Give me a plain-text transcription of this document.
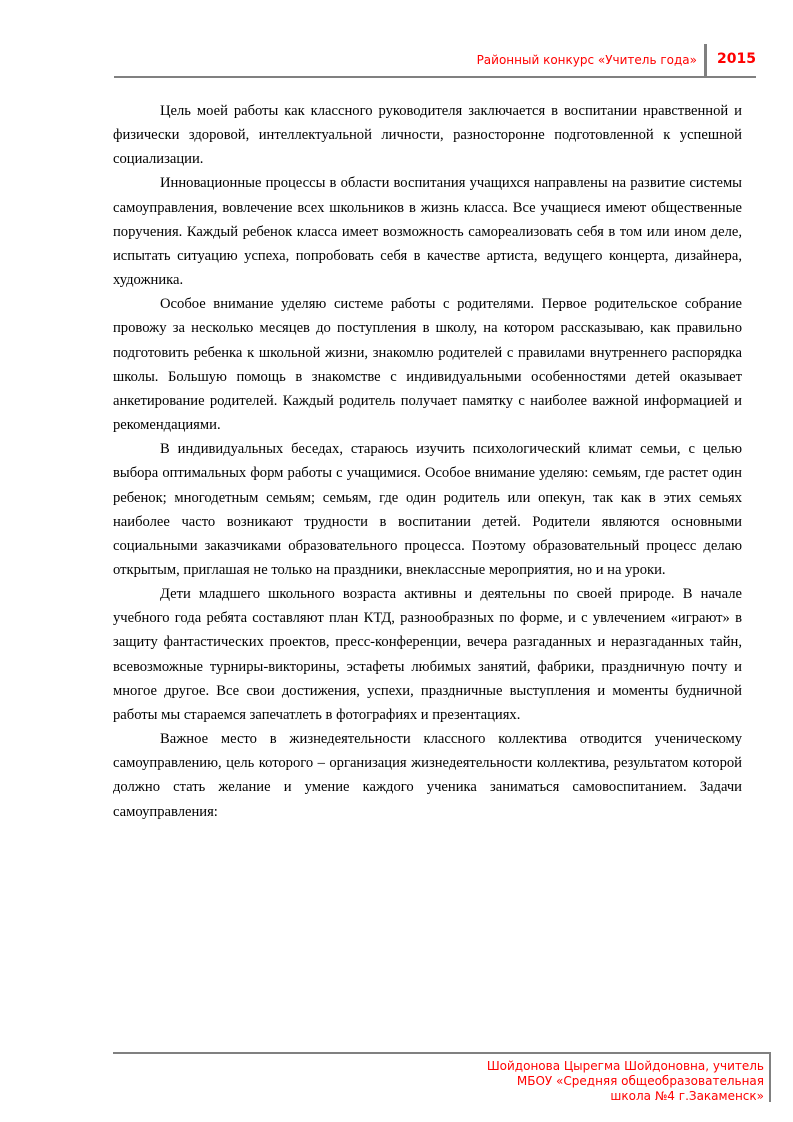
Районный конкурс «Учитель года» 2015

Цель моей работы как классного руководителя заключается в воспитании нравственной и физически здоровой, интеллектуальной личности, разносторонне подготовленной к успешной социализации.

Инновационные процессы в области воспитания учащихся направлены на развитие системы самоуправления, вовлечение всех школьников в жизнь класса. Все учащиеся имеют общественные поручения. Каждый ребенок класса имеет возможность самореализовать себя в том или ином деле, испытать ситуацию успеха, попробовать себя в качестве артиста, ведущего концерта, дизайнера, художника.

Особое внимание уделяю системе работы с родителями. Первое родительское собрание провожу за несколько месяцев до поступления в школу, на котором рассказываю, как правильно подготовить ребенка к школьной жизни, знакомлю родителей с правилами внутреннего распорядка школы. Большую помощь в знакомстве с индивидуальными особенностями детей оказывает анкетирование родителей. Каждый родитель получает памятку с наиболее важной информацией и рекомендациями.

В индивидуальных беседах, стараюсь изучить психологический климат семьи, с целью выбора оптимальных форм работы с учащимися. Особое внимание уделяю: семьям, где растет один ребенок; многодетным семьям; семьям, где один родитель или опекун, так как в этих семьях наиболее часто возникают трудности в воспитании детей. Родители являются основными социальными заказчиками образовательного процесса. Поэтому образовательный процесс делаю открытым, приглашая не только на праздники, внеклассные мероприятия, но и на уроки.

Дети младшего школьного возраста активны и деятельны по своей природе. В начале учебного года ребята составляют план КТД, разнообразных по форме, и с увлечением «играют» в защиту фантастических проектов, пресс-конференции, вечера разгаданных и неразгаданных тайн, всевозможные турниры-викторины, эстафеты любимых занятий, фабрики, праздничную почту и многое другое. Все свои достижения, успехи, праздничные выступления и моменты будничной работы мы стараемся запечатлеть в фотографиях и презентациях.

Важное место в жизнедеятельности классного коллектива отводится ученическому самоуправлению, цель которого – организация жизнедеятельности коллектива, результатом которой должно стать желание и умение каждого ученика заниматься самовоспитанием. Задачи самоуправления:

Шойдонова Цырегма Шойдоновна, учитель
МБОУ «Средняя общеобразовательная
школа №4 г.Закаменск»
